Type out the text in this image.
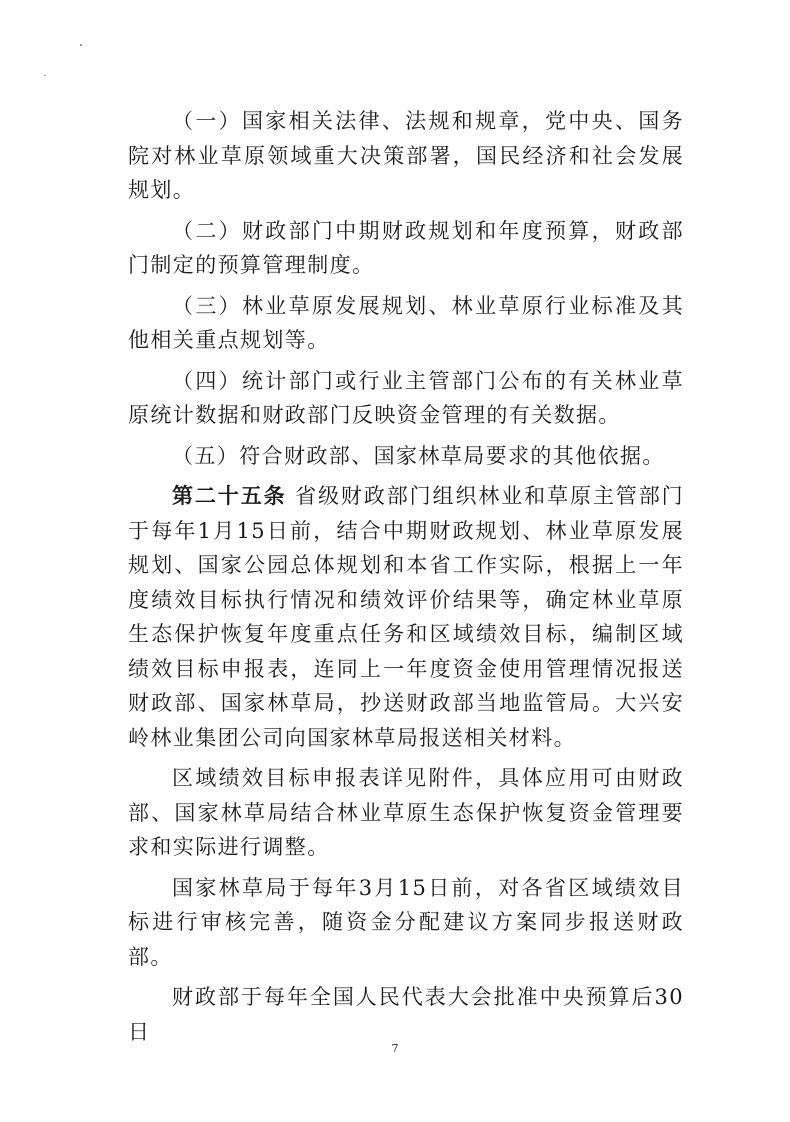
（一）国家相关法律、法规和规章，党中央、国务院对林业草原领域重大决策部署，国民经济和社会发展规划。

（二）财政部门中期财政规划和年度预算，财政部门制定的预算管理制度。

（三）林业草原发展规划、林业草原行业标准及其他相关重点规划等。

（四）统计部门或行业主管部门公布的有关林业草原统计数据和财政部门反映资金管理的有关数据。

（五）符合财政部、国家林草局要求的其他依据。

第二十五条 省级财政部门组织林业和草原主管部门于每年1月15日前，结合中期财政规划、林业草原发展规划、国家公园总体规划和本省工作实际，根据上一年度绩效目标执行情况和绩效评价结果等，确定林业草原生态保护恢复年度重点任务和区域绩效目标，编制区域绩效目标申报表，连同上一年度资金使用管理情况报送财政部、国家林草局，抄送财政部当地监管局。大兴安岭林业集团公司向国家林草局报送相关材料。

区域绩效目标申报表详见附件，具体应用可由财政部、国家林草局结合林业草原生态保护恢复资金管理要求和实际进行调整。

国家林草局于每年3月15日前，对各省区域绩效目标进行审核完善，随资金分配建议方案同步报送财政部。

财政部于每年全国人民代表大会批准中央预算后30日

7
